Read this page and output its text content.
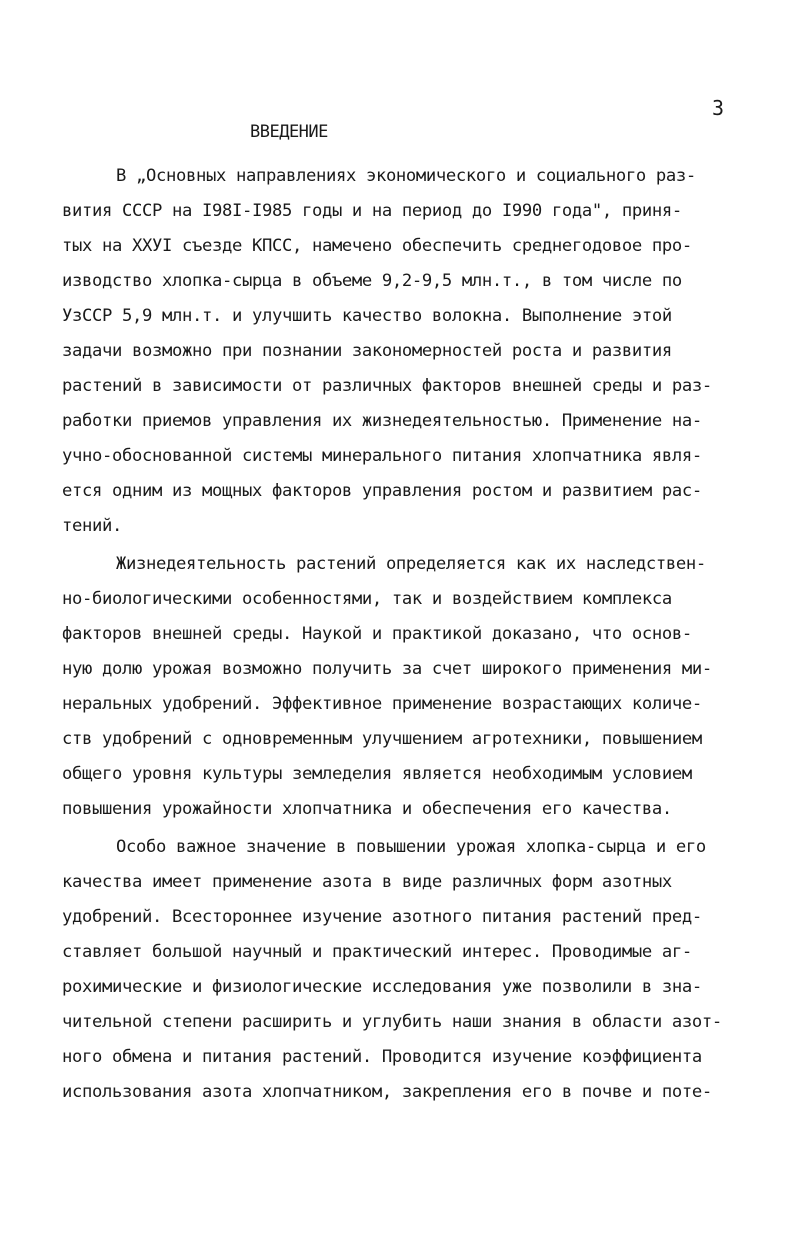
3
ВВЕДЕНИЕ
В „Основных направлениях экономического и социального раз-
вития СССР на I98I-I985 годы и на период до I990 года", приня-
тых на ХХУI съезде КПСС, намечено обеспечить среднегодовое про-
изводство хлопка-сырца в объеме 9,2-9,5 млн.т., в том числе по
УзССР 5,9 млн.т. и улучшить качество волокна. Выполнение этой
задачи возможно при познании закономерностей роста и развития
растений в зависимости от различных факторов внешней среды и раз-
работки приемов управления их жизнедеятельностью. Применение на-
учно-обоснованной системы минерального питания хлопчатника явля-
ется одним из мощных факторов управления ростом и развитием рас-
тений.
Жизнедеятельность растений определяется как их наследствен-
но-биологическими особенностями, так и воздействием комплекса
факторов внешней среды. Наукой и практикой доказано, что основ-
ную долю урожая возможно получить за счет широкого применения ми-
неральных удобрений. Эффективное применение возрастающих количе-
ств удобрений с одновременным улучшением агротехники, повышением
общего уровня культуры земледелия является необходимым условием
повышения урожайности хлопчатника и обеспечения его качества.
Особо важное значение в повышении урожая хлопка-сырца и его
качества имеет применение азота в виде различных форм азотных
удобрений. Всестороннее изучение азотного питания растений пред-
ставляет большой научный и практический интерес. Проводимые аг-
рохимические и физиологические исследования уже позволили в зна-
чительной степени расширить и углубить наши знания в области азот-
ного обмена и питания растений. Проводится изучение коэффициента
использования азота хлопчатником, закрепления его в почве и поте-
